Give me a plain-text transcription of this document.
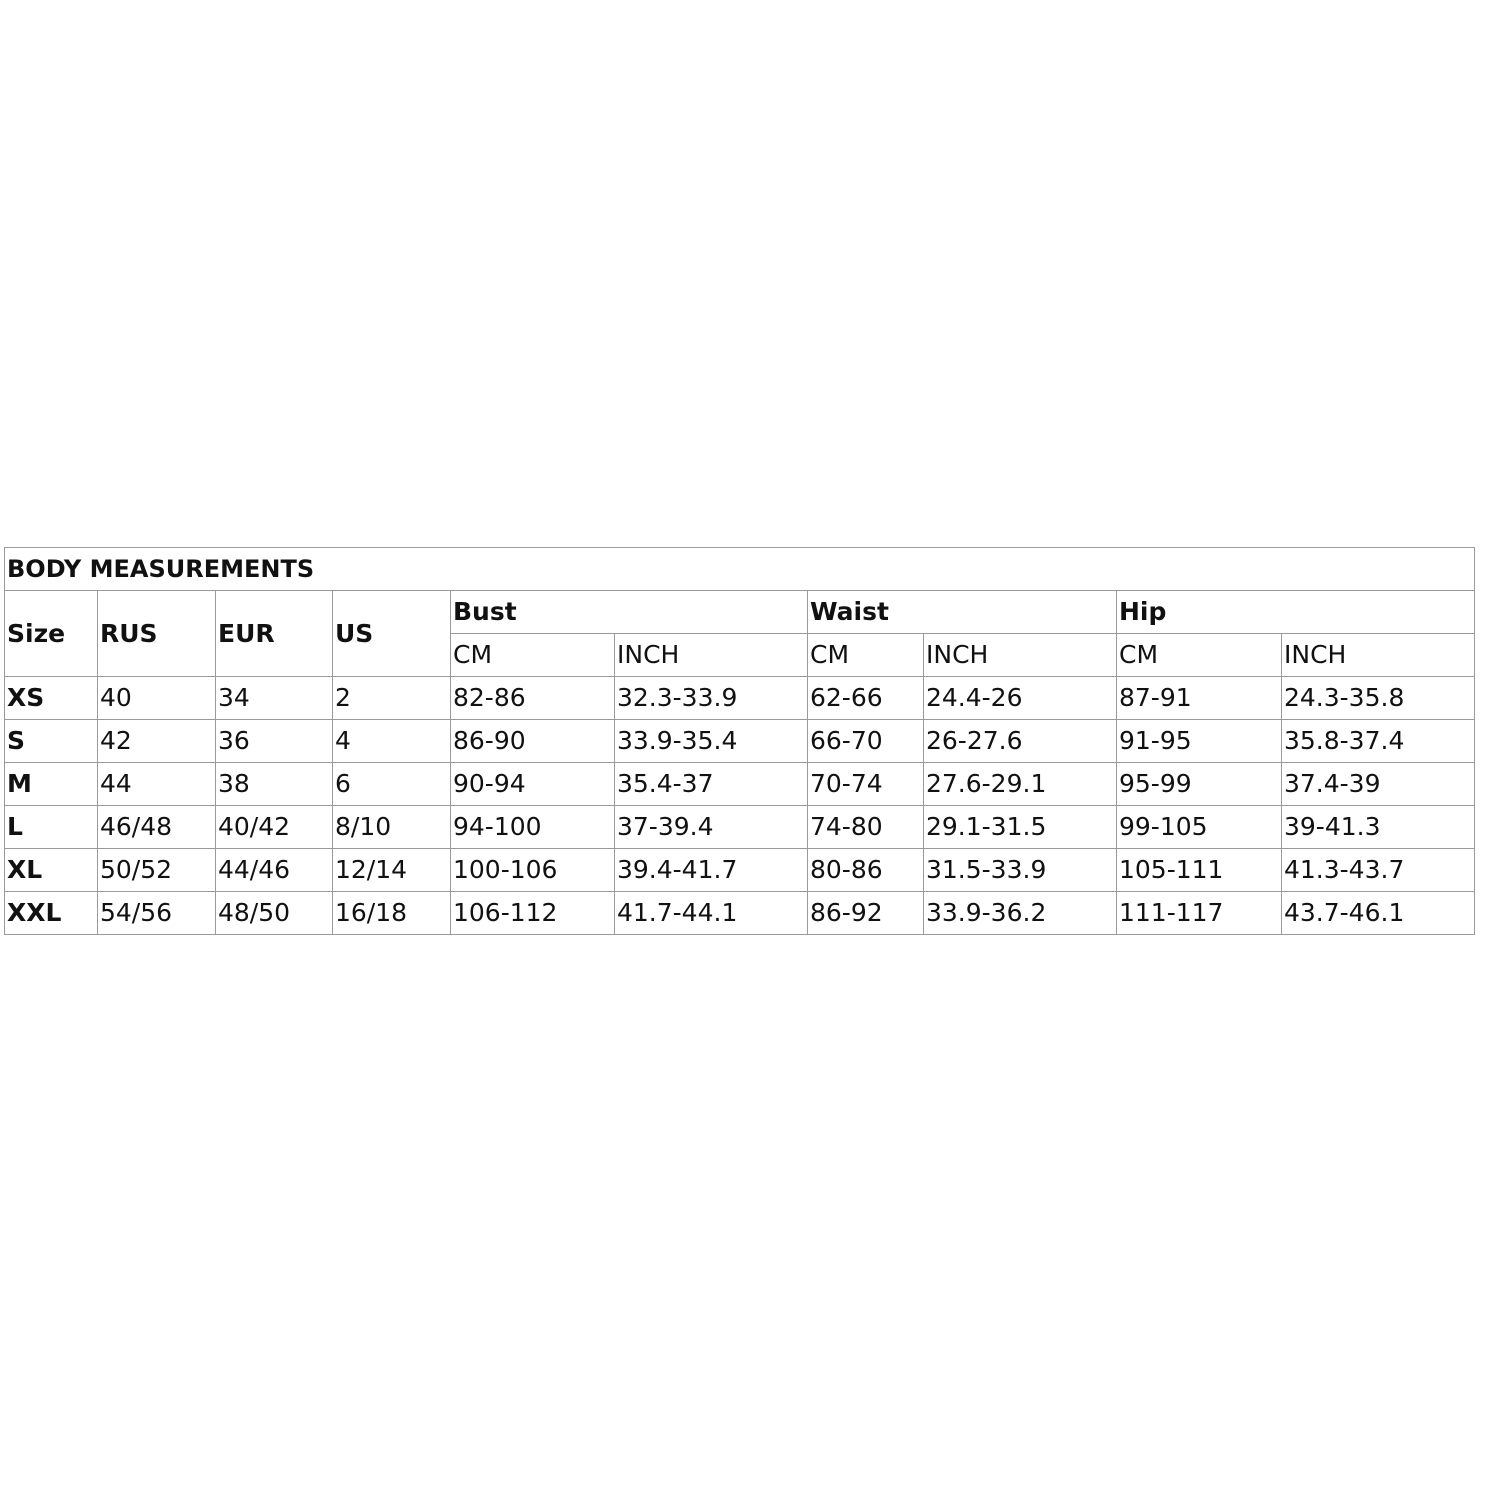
BODY MEASUREMENTS									
Size	RUS	EUR	US	Bust		Waist		Hip	
				CM	INCH	CM	INCH	CM	INCH
XS	40	34	2	82-86	32.3-33.9	62-66	24.4-26	87-91	24.3-35.8
S	42	36	4	86-90	33.9-35.4	66-70	26-27.6	91-95	35.8-37.4
M	44	38	6	90-94	35.4-37	70-74	27.6-29.1	95-99	37.4-39
L	46/48	40/42	8/10	94-100	37-39.4	74-80	29.1-31.5	99-105	39-41.3
XL	50/52	44/46	12/14	100-106	39.4-41.7	80-86	31.5-33.9	105-111	41.3-43.7
XXL	54/56	48/50	16/18	106-112	41.7-44.1	86-92	33.9-36.2	111-117	43.7-46.1
